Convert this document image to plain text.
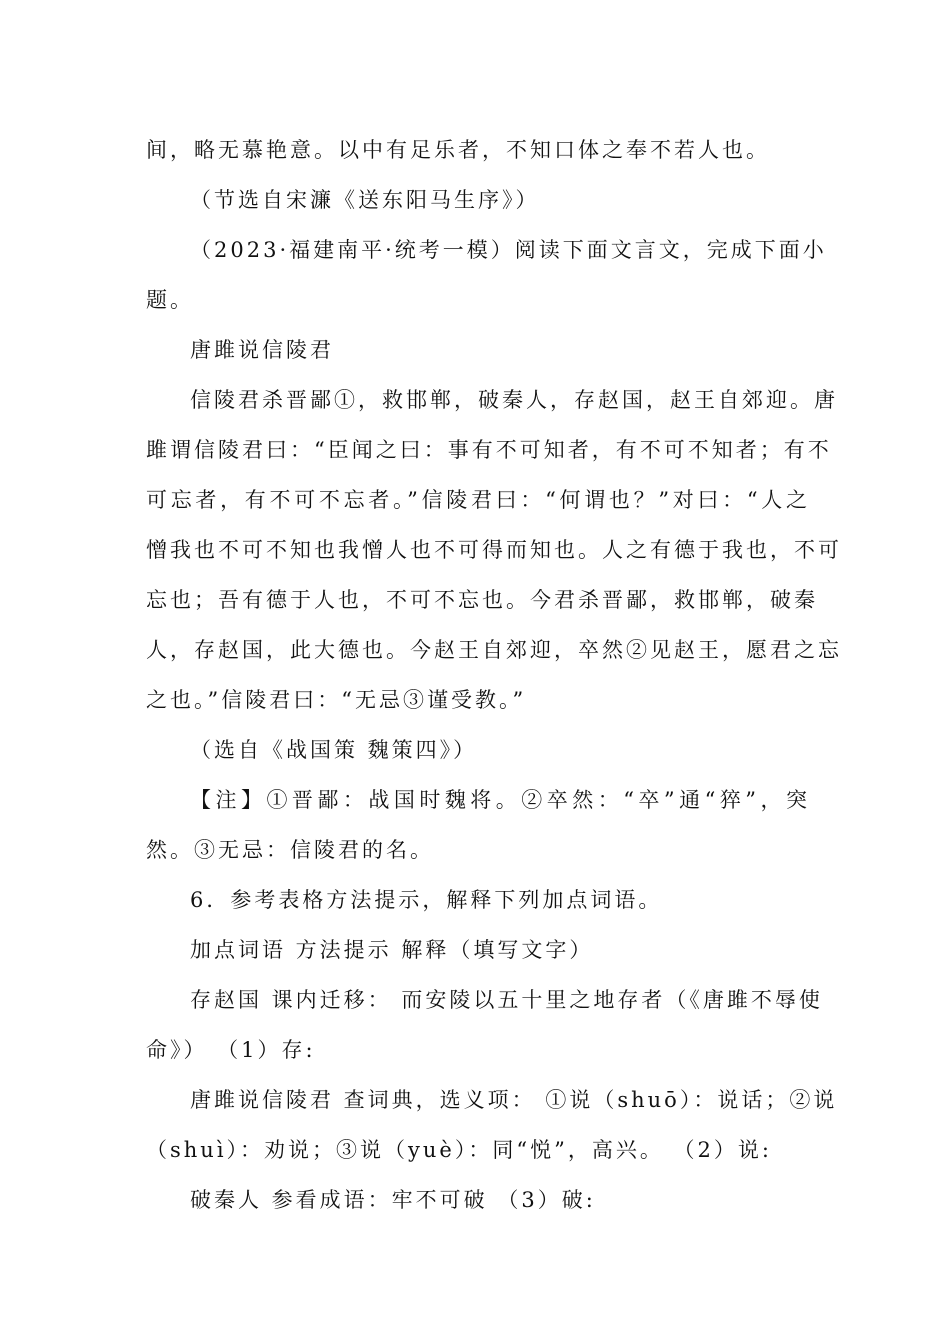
间，略无慕艳意。以中有足乐者，不知口体之奉不若人也。
（节选自宋濂《送东阳马生序》）
（2023·福建南平·统考一模）阅读下面文言文，完成下面小
题。
唐雎说信陵君
信陵君杀晋鄙①，救邯郸，破秦人，存赵国，赵王自郊迎。唐
雎谓信陵君曰：“臣闻之曰：事有不可知者，有不可不知者；有不
可忘者，有不可不忘者。”信陵君曰：“何谓也？”对曰：“人之
憎我也不可不知也我憎人也不可得而知也。人之有德于我也，不可
忘也；吾有德于人也，不可不忘也。今君杀晋鄙，救邯郸，破秦
人，存赵国，此大德也。今赵王自郊迎，卒然②见赵王，愿君之忘
之也。”信陵君曰：“无忌③谨受教。”
（选自《战国策 魏策四》）
【注】①晋鄙：战国时魏将。②卒然：“卒”通“猝”，突
然。③无忌：信陵君的名。
6．参考表格方法提示，解释下列加点词语。
加点词语 方法提示 解释（填写文字）
存赵国 课内迁移： 而安陵以五十里之地存者（《唐雎不辱使
命》） （1）存:
唐雎说信陵君 查词典，选义项： ①说（shuō）：说话；②说
（shuì）：劝说；③说（yuè）：同“悦”，高兴。 （2）说:
破秦人 参看成语：牢不可破 （3）破:
